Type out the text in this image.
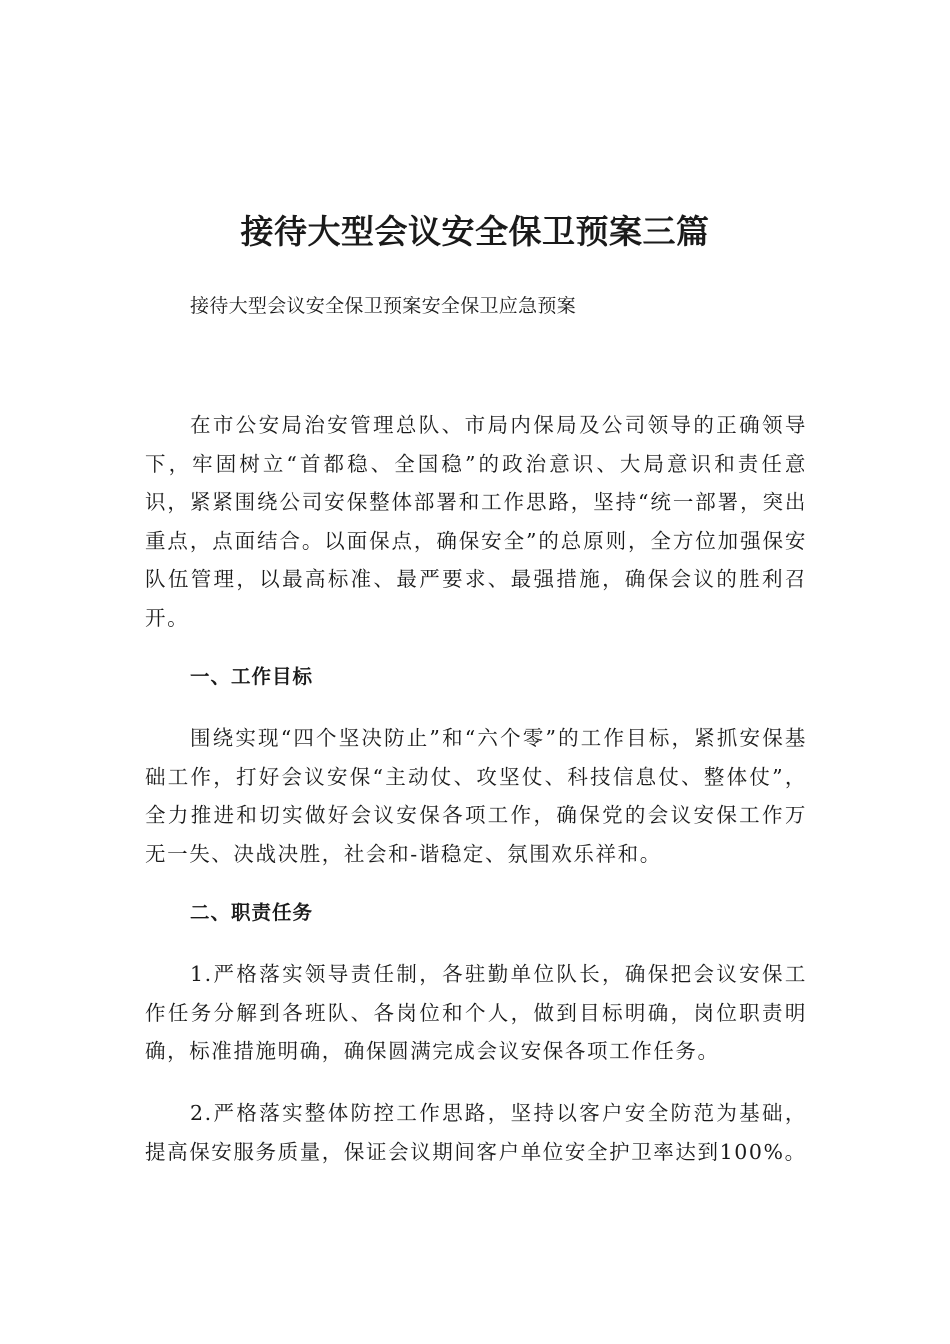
接待大型会议安全保卫预案三篇

接待大型会议安全保卫预案安全保卫应急预案

在市公安局治安管理总队、市局内保局及公司领导的正确领导下，牢固树立“首都稳、全国稳”的政治意识、大局意识和责任意识，紧紧围绕公司安保整体部署和工作思路，坚持“统一部署，突出重点，点面结合。以面保点，确保安全”的总原则，全方位加强保安队伍管理，以最高标准、最严要求、最强措施，确保会议的胜利召开。

一、工作目标

围绕实现“四个坚决防止”和“六个零”的工作目标，紧抓安保基础工作，打好会议安保“主动仗、攻坚仗、科技信息仗、整体仗”，全力推进和切实做好会议安保各项工作，确保党的会议安保工作万无一失、决战决胜，社会和-谐稳定、氛围欢乐祥和。

二、职责任务

1.严格落实领导责任制，各驻勤单位队长，确保把会议安保工作任务分解到各班队、各岗位和个人，做到目标明确，岗位职责明确，标准措施明确，确保圆满完成会议安保各项工作任务。

2.严格落实整体防控工作思路，坚持以客户安全防范为基础，提高保安服务质量，保证会议期间客户单位安全护卫率达到100%。
